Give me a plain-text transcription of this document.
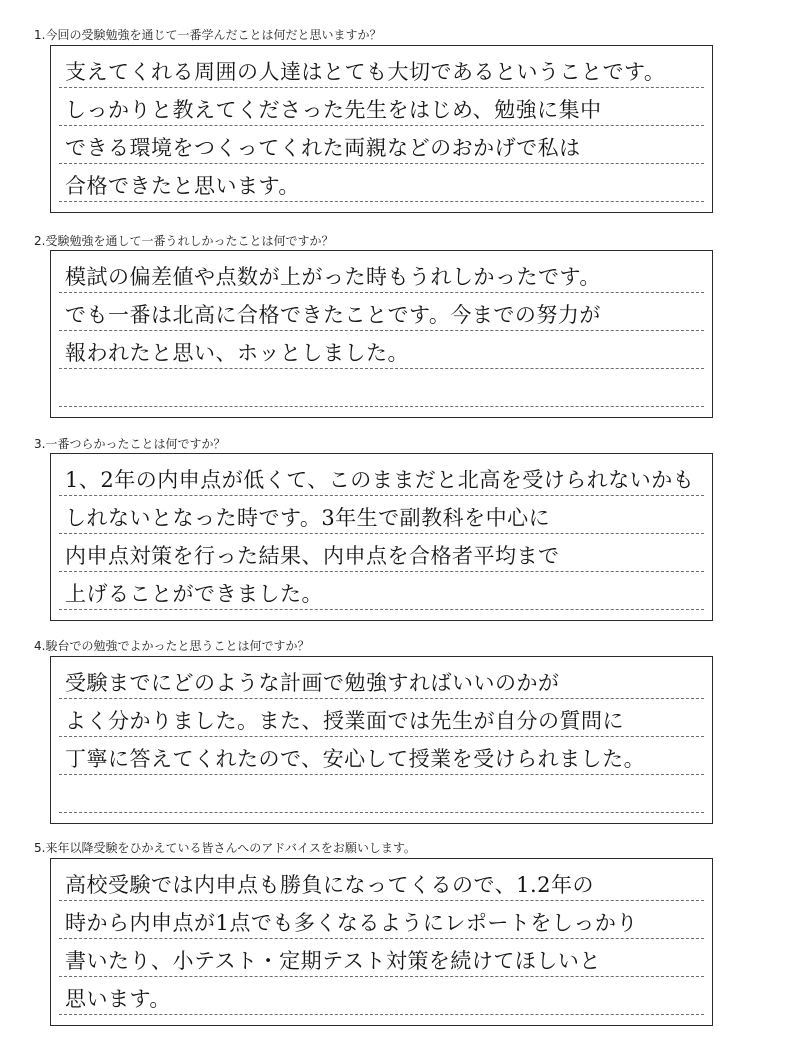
1.今回の受験勉強を通じて一番学んだことは何だと思いますか？
支えてくれる周囲の人達はとても大切であるということです。
しっかりと教えてくださった先生をはじめ、勉強に集中
できる環境をつくってくれた両親などのおかげで私は
合格できたと思います。
2.受験勉強を通して一番うれしかったことは何ですか？
模試の偏差値や点数が上がった時もうれしかったです。
でも一番は北高に合格できたことです。今までの努力が
報われたと思い、ホッとしました。
3.一番つらかったことは何ですか？
1、2年の内申点が低くて、このままだと北高を受けられないかも
しれないとなった時です。3年生で副教科を中心に
内申点対策を行った結果、内申点を合格者平均まで
上げることができました。
4.駿台での勉強でよかったと思うことは何ですか？
受験までにどのような計画で勉強すればいいのかが
よく分かりました。また、授業面では先生が自分の質問に
丁寧に答えてくれたので、安心して授業を受けられました。
5.来年以降受験をひかえている皆さんへのアドバイスをお願いします。
高校受験では内申点も勝負になってくるので、1.2年の
時から内申点が1点でも多くなるようにレポートをしっかり
書いたり、小テスト・定期テスト対策を続けてほしいと
思います。
